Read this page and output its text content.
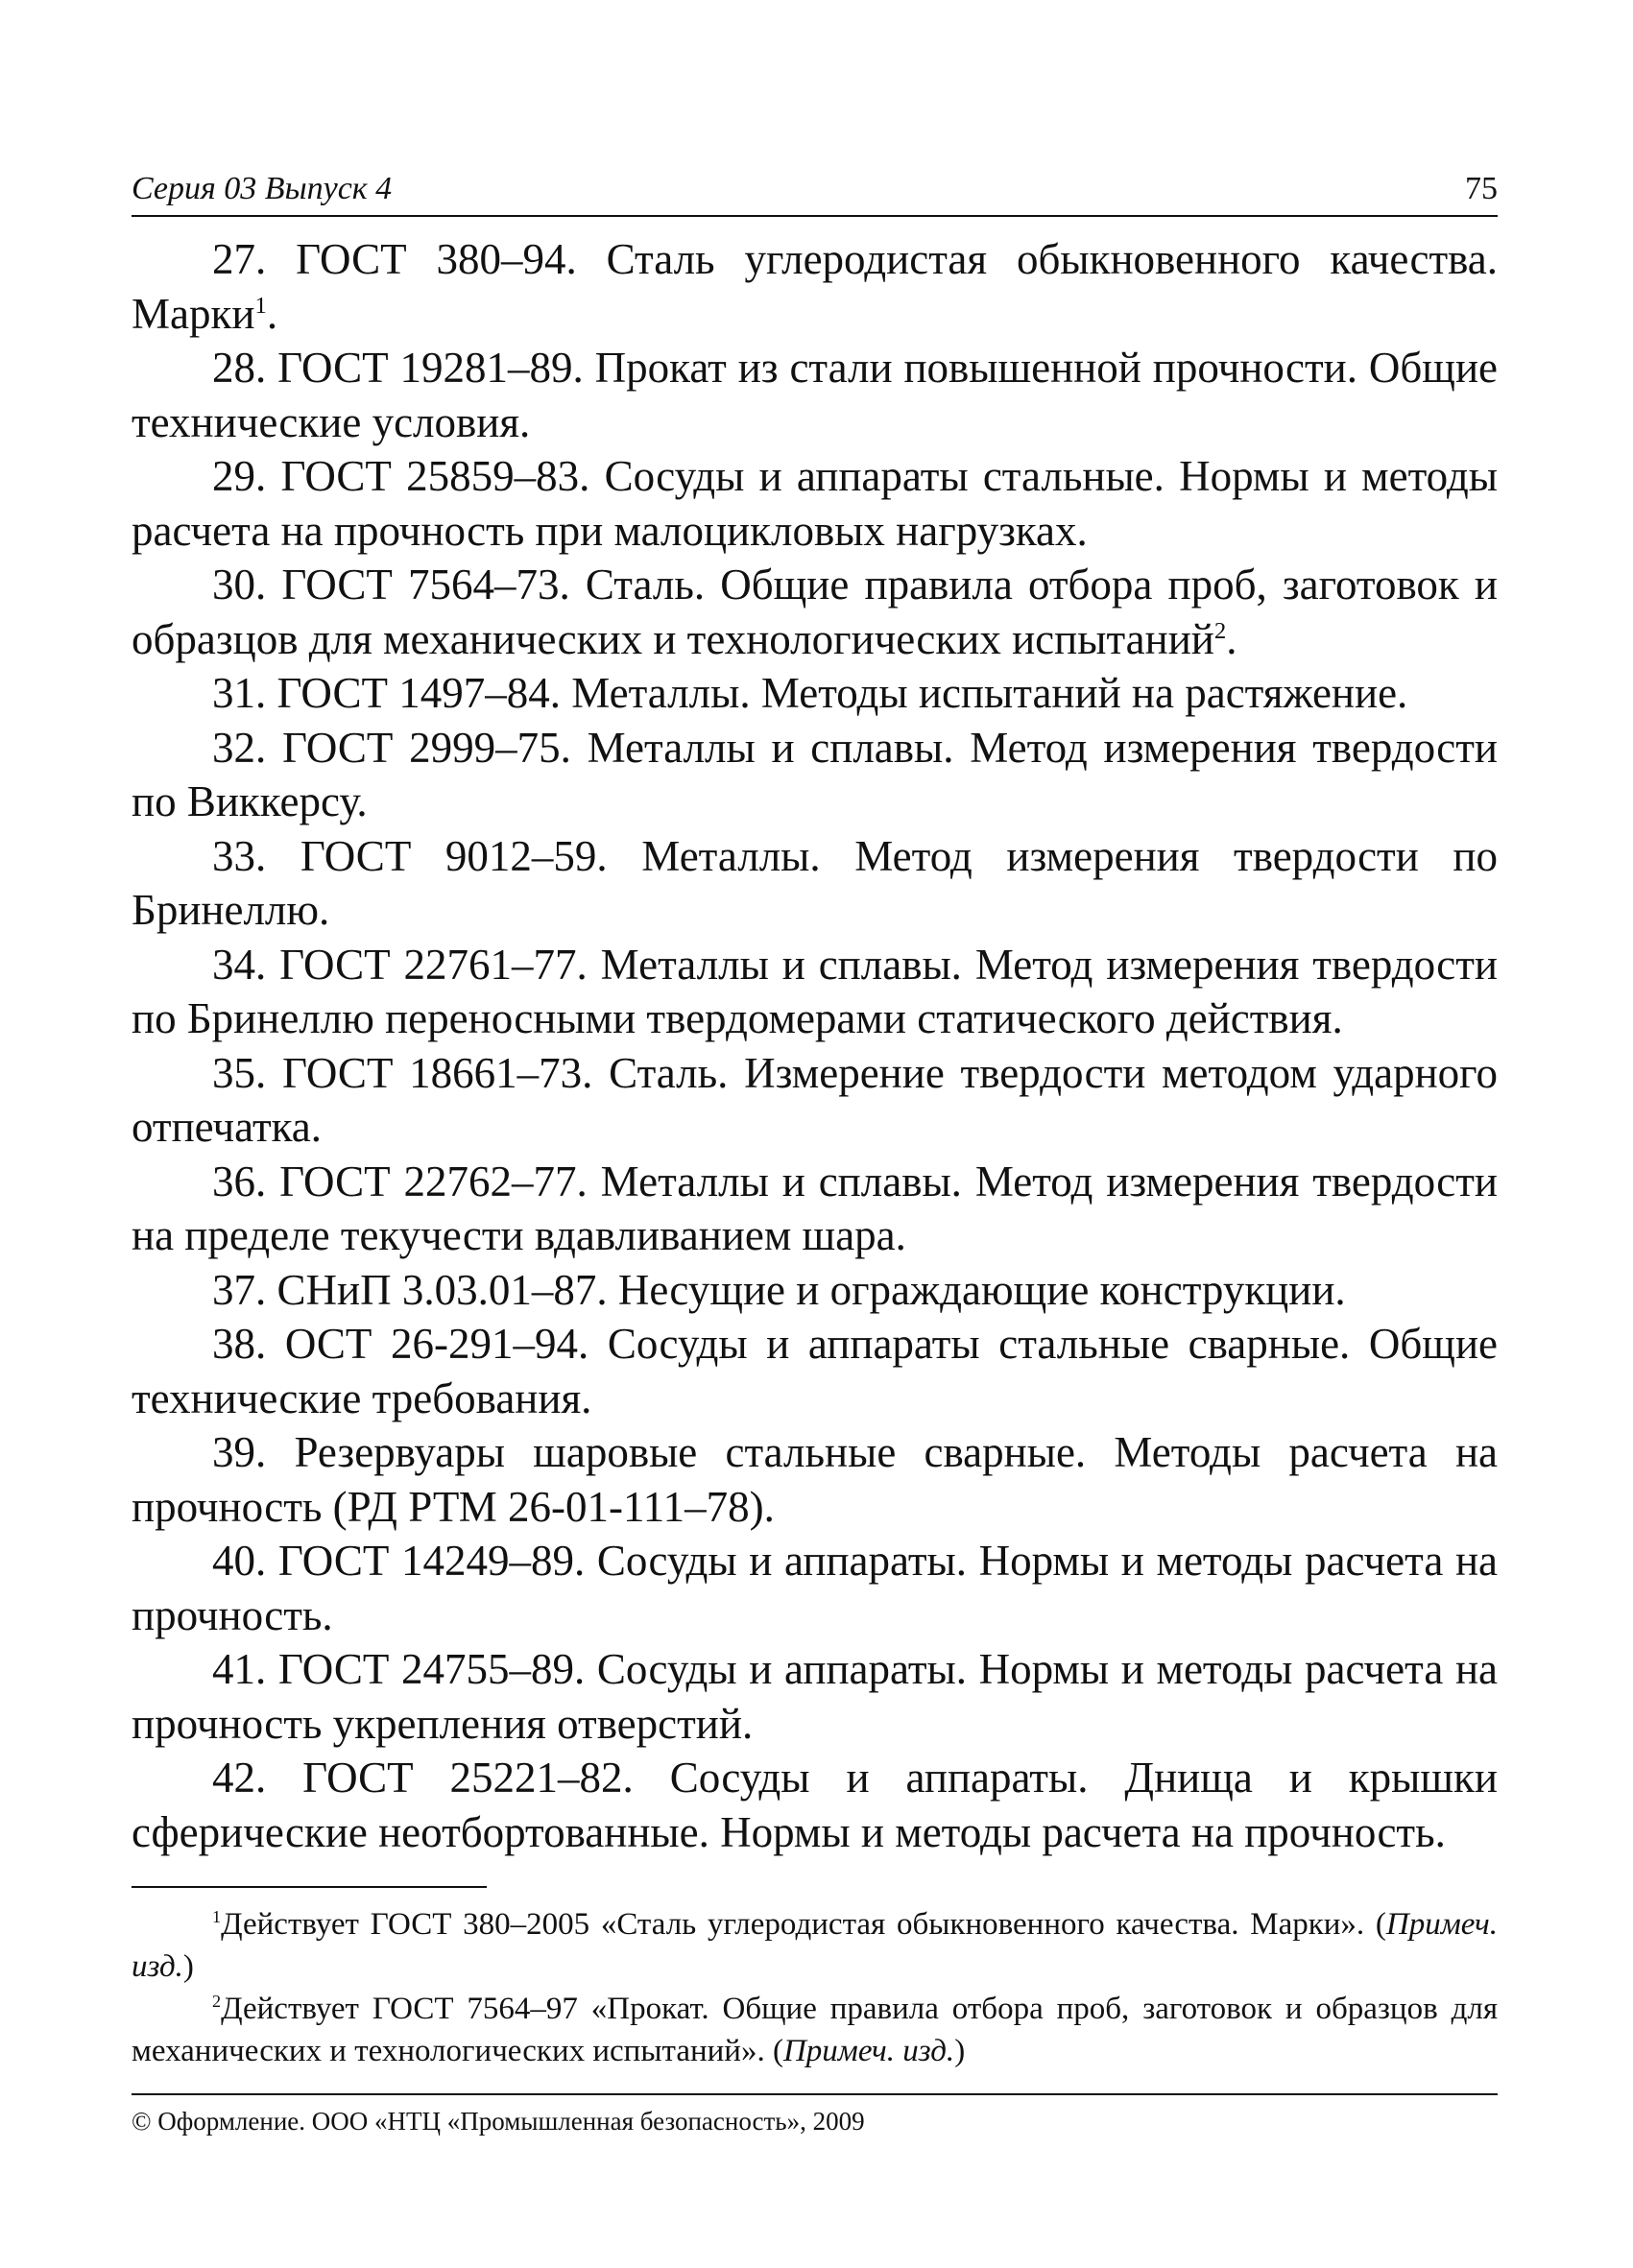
Серия 03 Выпуск 4	75

27. ГОСТ 380–94. Сталь углеродистая обыкновенного качества. Марки$^1$.

28. ГОСТ 19281–89. Прокат из стали повышенной прочности. Общие технические условия.

29. ГОСТ 25859–83. Сосуды и аппараты стальные. Нормы и методы расчета на прочность при малоцикловых нагрузках.

30. ГОСТ 7564–73. Сталь. Общие правила отбора проб, заготовок и образцов для механических и технологических испытаний$^2$.

31. ГОСТ 1497–84. Металлы. Методы испытаний на растяжение.

32. ГОСТ 2999–75. Металлы и сплавы. Метод измерения твердости по Виккерсу.

33. ГОСТ 9012–59. Металлы. Метод измерения твердости по Бринеллю.

34. ГОСТ 22761–77. Металлы и сплавы. Метод измерения твердости по Бринеллю переносными твердомерами статического действия.

35. ГОСТ 18661–73. Сталь. Измерение твердости методом ударного отпечатка.

36. ГОСТ 22762–77. Металлы и сплавы. Метод измерения твердости на пределе текучести вдавливанием шара.

37. СНиП 3.03.01–87. Несущие и ограждающие конструкции.

38. ОСТ 26-291–94. Сосуды и аппараты стальные сварные. Общие технические требования.

39. Резервуары шаровые стальные сварные. Методы расчета на прочность (РД РТМ 26-01-111–78).

40. ГОСТ 14249–89. Сосуды и аппараты. Нормы и методы расчета на прочность.

41. ГОСТ 24755–89. Сосуды и аппараты. Нормы и методы расчета на прочность укрепления отверстий.

42. ГОСТ 25221–82. Сосуды и аппараты. Днища и крышки сферические неотбортованные. Нормы и методы расчета на прочность.

$^1$Действует ГОСТ 380–2005 «Сталь углеродистая обыкновенного качества. Марки». (Примеч. изд.)

$^2$Действует ГОСТ 7564–97 «Прокат. Общие правила отбора проб, заготовок и образцов для механических и технологических испытаний». (Примеч. изд.)

© Оформление. ООО «НТЦ «Промышленная безопасность», 2009
